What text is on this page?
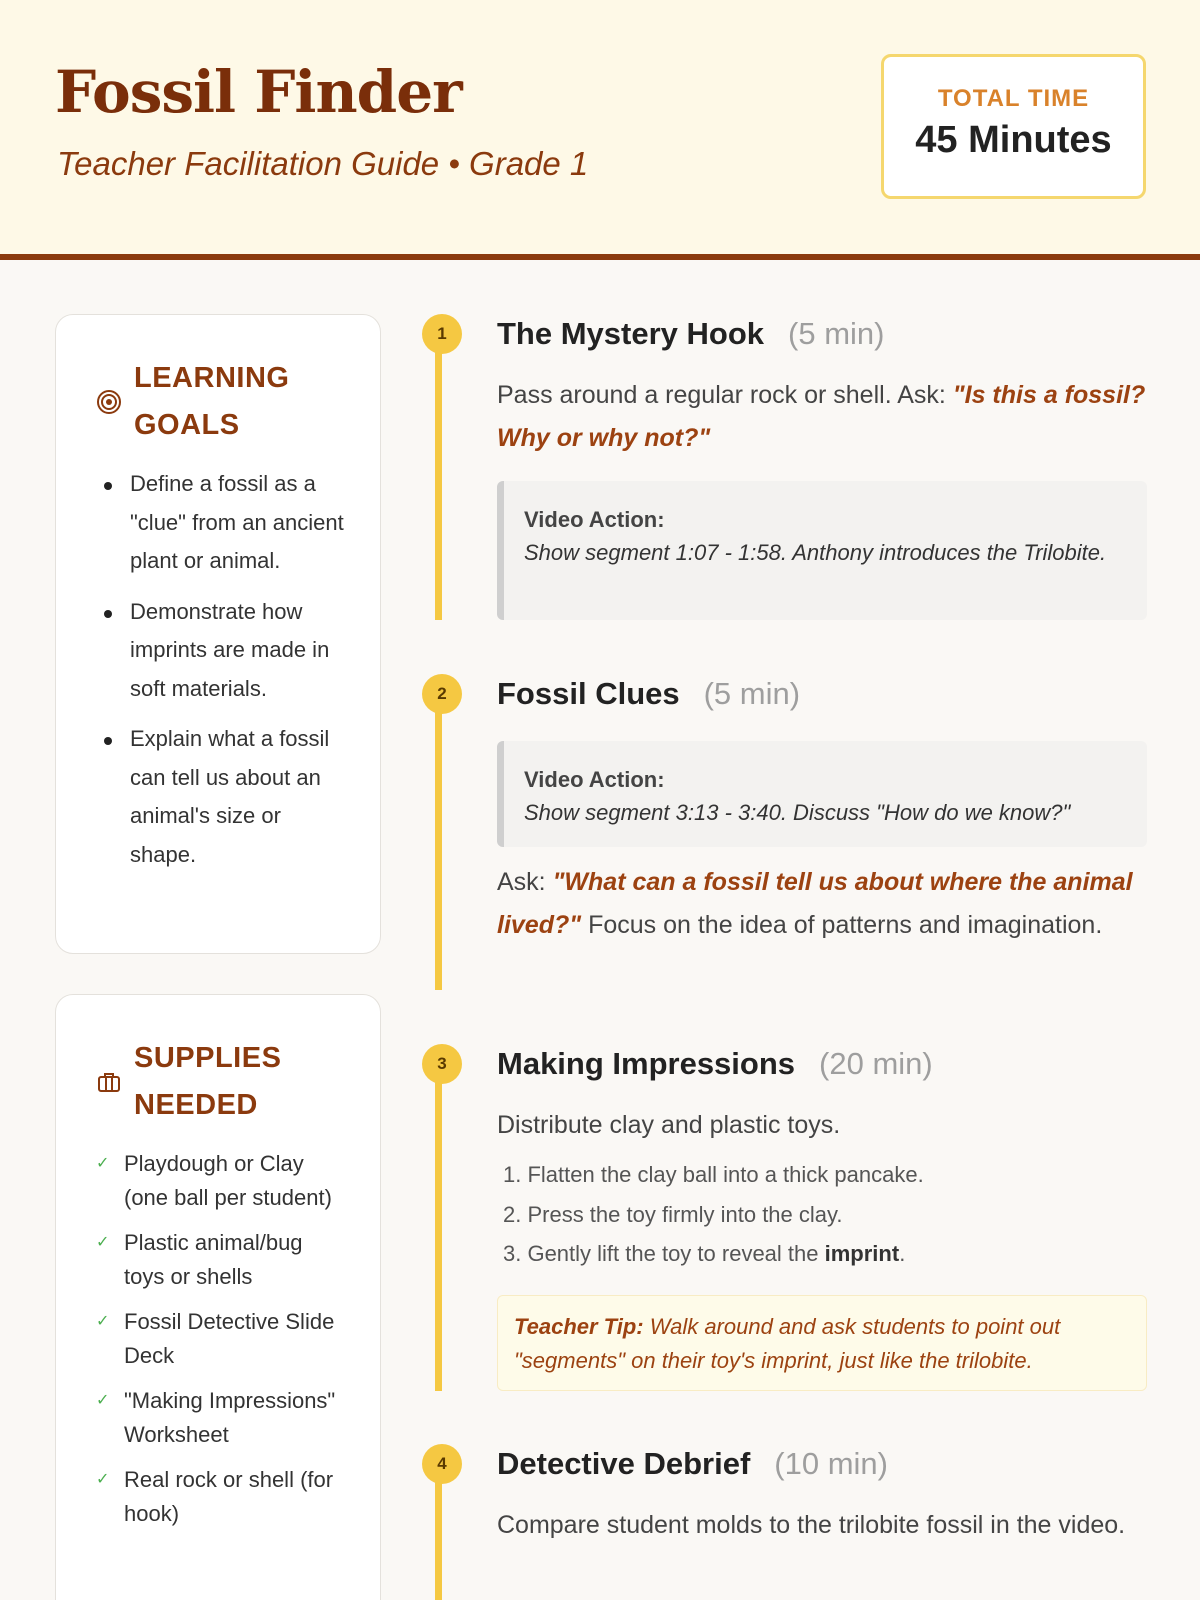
Fossil Finder
Teacher Facilitation Guide • Grade 1
TOTAL TIME
45 Minutes
LEARNING
GOALS
Define a fossil as a "clue" from an ancient plant or animal.
Demonstrate how imprints are made in soft materials.
Explain what a fossil can tell us about an animal's size or shape.
SUPPLIES
NEEDED
✓ Playdough or Clay (one ball per student)
✓ Plastic animal/bug toys or shells
✓ Fossil Detective Slide Deck
✓ "Making Impressions" Worksheet
✓ Real rock or shell (for hook)
1	The Mystery Hook (5 min)
Pass around a regular rock or shell. Ask: "Is this a fossil? Why or why not?"
Video Action:
Show segment 1:07 - 1:58. Anthony introduces the Trilobite.
2	Fossil Clues (5 min)
Video Action:
Show segment 3:13 - 3:40. Discuss "How do we know?"
Ask: "What can a fossil tell us about where the animal lived?" Focus on the idea of patterns and imagination.
3	Making Impressions (20 min)
Distribute clay and plastic toys.
1. Flatten the clay ball into a thick pancake.
2. Press the toy firmly into the clay.
3. Gently lift the toy to reveal the imprint.
Teacher Tip: Walk around and ask students to point out "segments" on their toy's imprint, just like the trilobite.
4	Detective Debrief (10 min)
Compare student molds to the trilobite fossil in the video.
